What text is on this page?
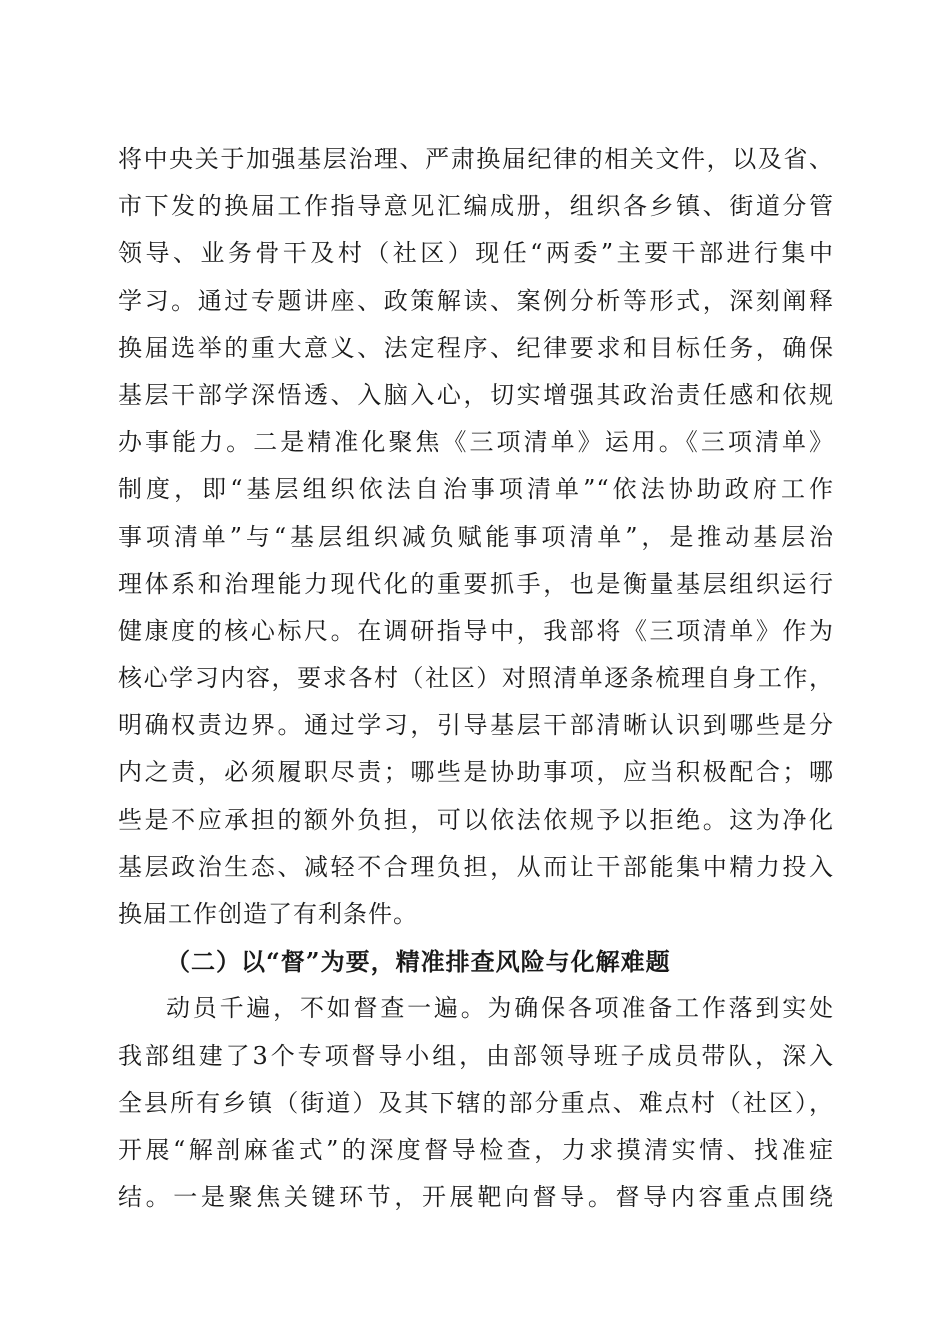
将中央关于加强基层治理、严肃换届纪律的相关文件，以及省、
市下发的换届工作指导意见汇编成册，组织各乡镇、街道分管
领导、业务骨干及村（社区）现任“两委”主要干部进行集中
学习。通过专题讲座、政策解读、案例分析等形式，深刻阐释
换届选举的重大意义、法定程序、纪律要求和目标任务，确保
基层干部学深悟透、入脑入心，切实增强其政治责任感和依规
办事能力。二是精准化聚焦《三项清单》运用。《三项清单》
制度，即“基层组织依法自治事项清单”“依法协助政府工作
事项清单”与“基层组织减负赋能事项清单”，是推动基层治
理体系和治理能力现代化的重要抓手，也是衡量基层组织运行
健康度的核心标尺。在调研指导中，我部将《三项清单》作为
核心学习内容，要求各村（社区）对照清单逐条梳理自身工作，
明确权责边界。通过学习，引导基层干部清晰认识到哪些是分
内之责，必须履职尽责；哪些是协助事项，应当积极配合；哪
些是不应承担的额外负担，可以依法依规予以拒绝。这为净化
基层政治生态、减轻不合理负担，从而让干部能集中精力投入
换届工作创造了有利条件。
（二）以“督”为要，精准排查风险与化解难题
动员千遍，不如督查一遍。为确保各项准备工作落到实处
我部组建了3个专项督导小组，由部领导班子成员带队，深入
全县所有乡镇（街道）及其下辖的部分重点、难点村（社区），
开展“解剖麻雀式”的深度督导检查，力求摸清实情、找准症
结。一是聚焦关键环节，开展靶向督导。督导内容重点围绕
